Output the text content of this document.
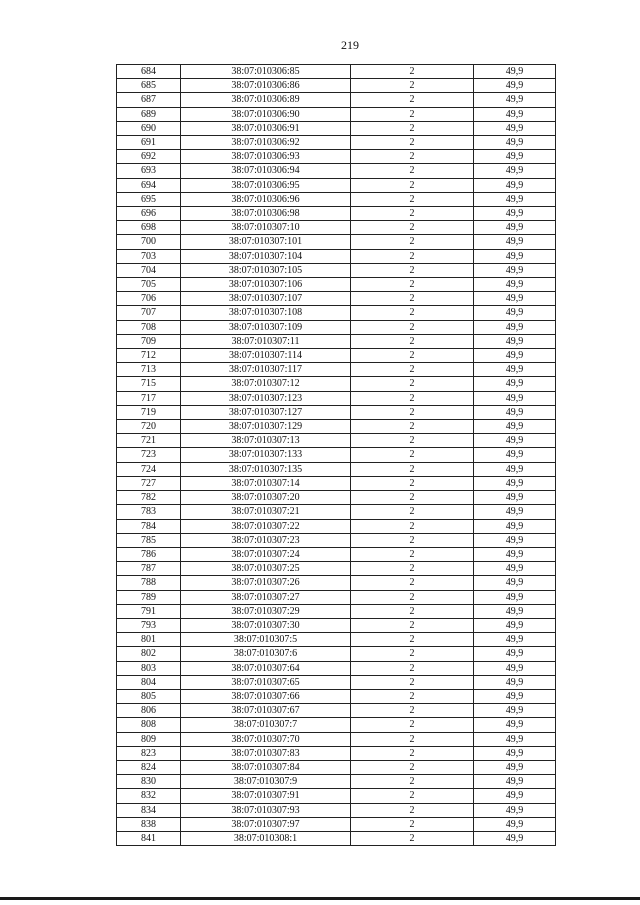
219
684	38:07:010306:85	2	49,9
685	38:07:010306:86	2	49,9
687	38:07:010306:89	2	49,9
689	38:07:010306:90	2	49,9
690	38:07:010306:91	2	49,9
691	38:07:010306:92	2	49,9
692	38:07:010306:93	2	49,9
693	38:07:010306:94	2	49,9
694	38:07:010306:95	2	49,9
695	38:07:010306:96	2	49,9
696	38:07:010306:98	2	49,9
698	38:07:010307:10	2	49,9
700	38:07:010307:101	2	49,9
703	38:07:010307:104	2	49,9
704	38:07:010307:105	2	49,9
705	38:07:010307:106	2	49,9
706	38:07:010307:107	2	49,9
707	38:07:010307:108	2	49,9
708	38:07:010307:109	2	49,9
709	38:07:010307:11	2	49,9
712	38:07:010307:114	2	49,9
713	38:07:010307:117	2	49,9
715	38:07:010307:12	2	49,9
717	38:07:010307:123	2	49,9
719	38:07:010307:127	2	49,9
720	38:07:010307:129	2	49,9
721	38:07:010307:13	2	49,9
723	38:07:010307:133	2	49,9
724	38:07:010307:135	2	49,9
727	38:07:010307:14	2	49,9
782	38:07:010307:20	2	49,9
783	38:07:010307:21	2	49,9
784	38:07:010307:22	2	49,9
785	38:07:010307:23	2	49,9
786	38:07:010307:24	2	49,9
787	38:07:010307:25	2	49,9
788	38:07:010307:26	2	49,9
789	38:07:010307:27	2	49,9
791	38:07:010307:29	2	49,9
793	38:07:010307:30	2	49,9
801	38:07:010307:5	2	49,9
802	38:07:010307:6	2	49,9
803	38:07:010307:64	2	49,9
804	38:07:010307:65	2	49,9
805	38:07:010307:66	2	49,9
806	38:07:010307:67	2	49,9
808	38:07:010307:7	2	49,9
809	38:07:010307:70	2	49,9
823	38:07:010307:83	2	49,9
824	38:07:010307:84	2	49,9
830	38:07:010307:9	2	49,9
832	38:07:010307:91	2	49,9
834	38:07:010307:93	2	49,9
838	38:07:010307:97	2	49,9
841	38:07:010308:1	2	49,9
